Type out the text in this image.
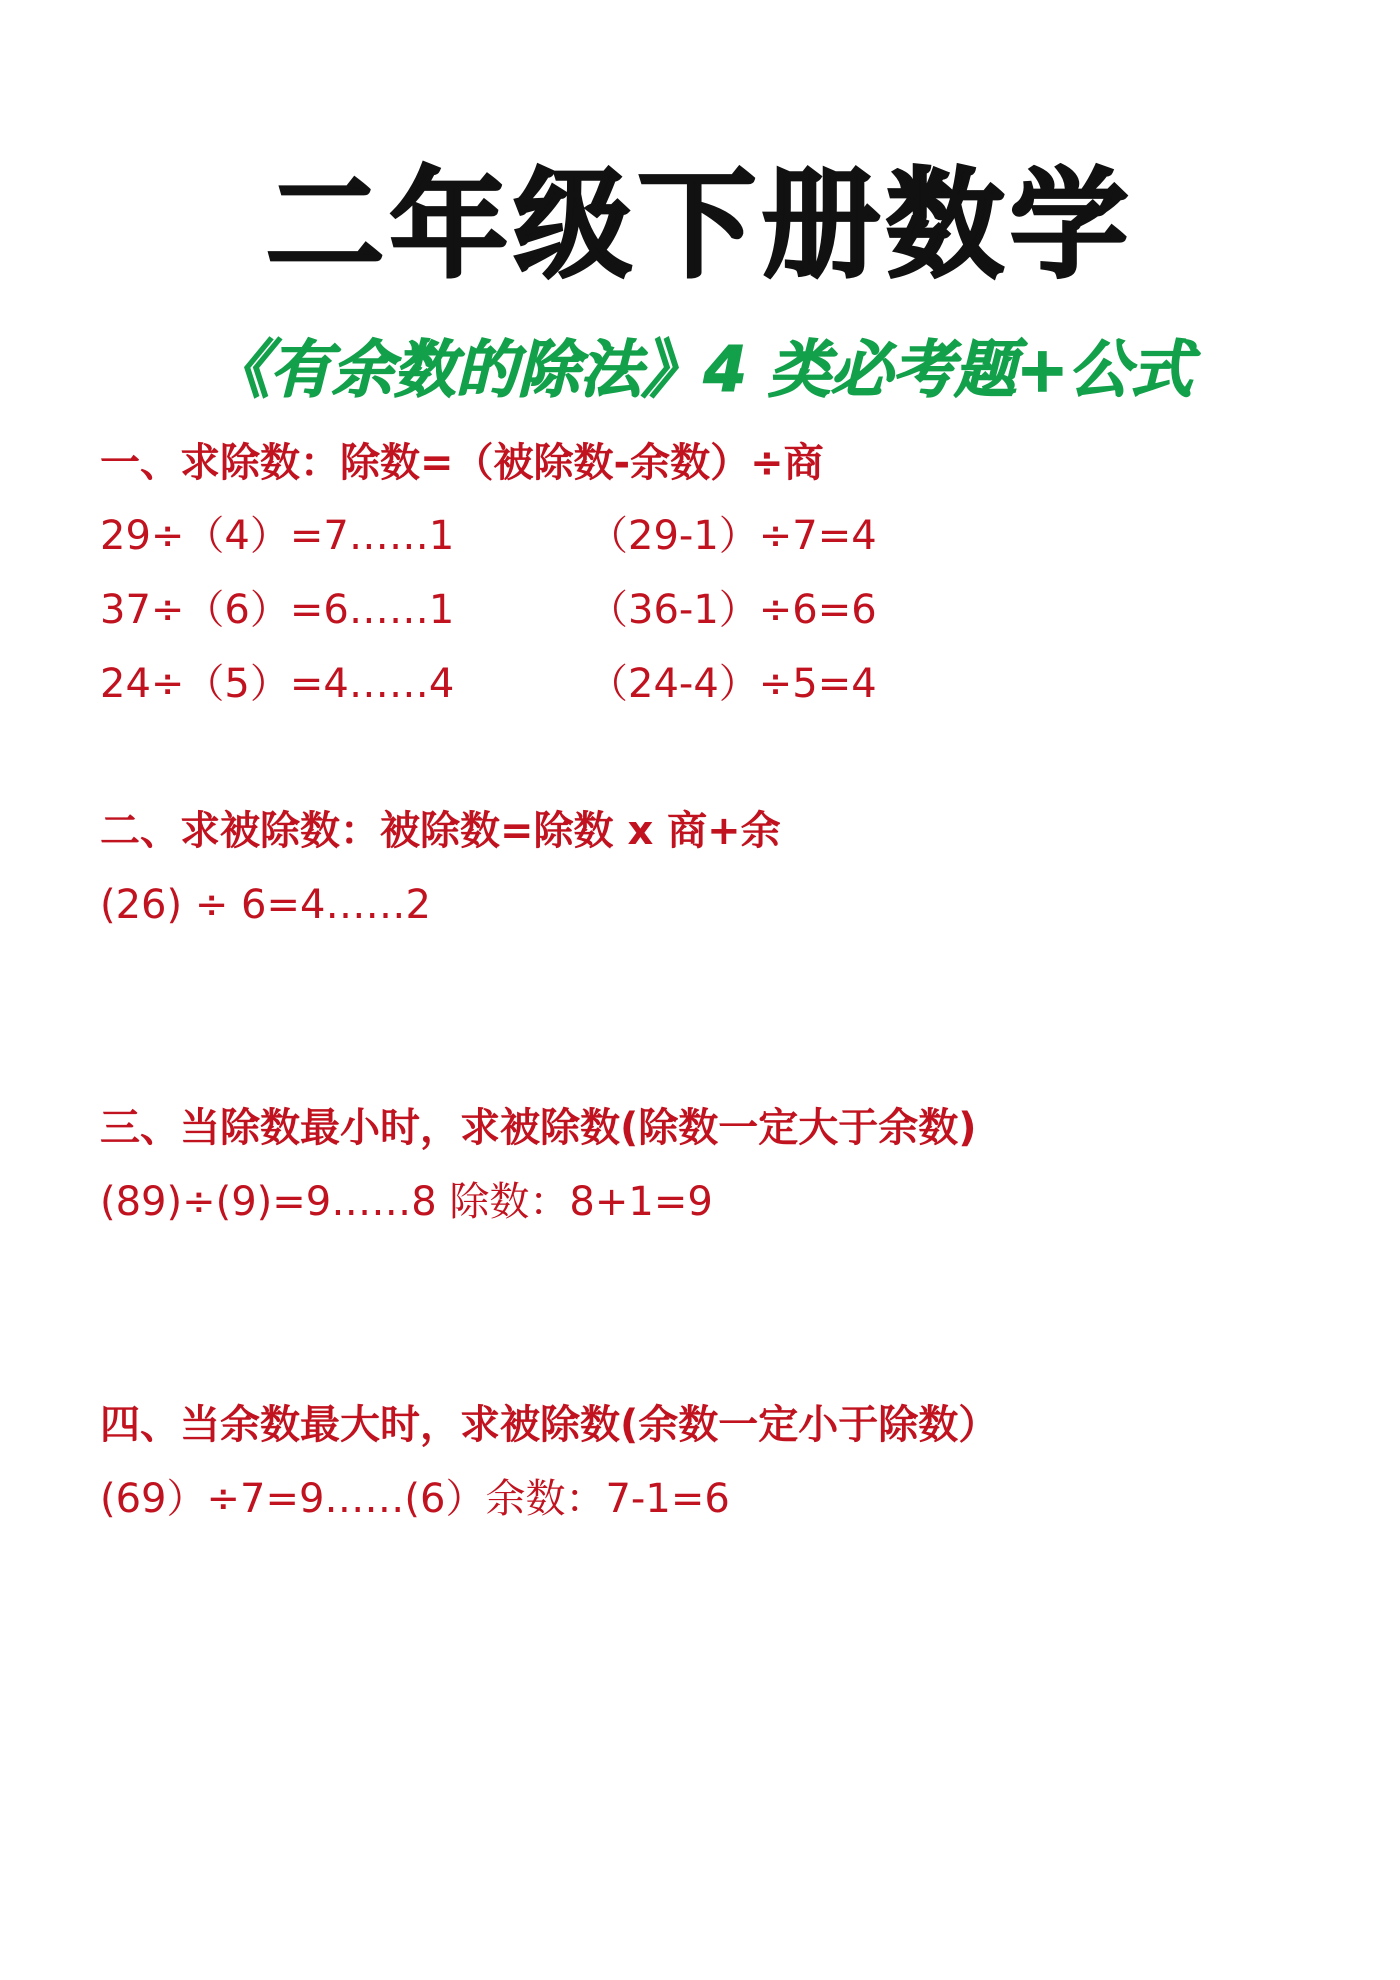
二年级下册数学
《有余数的除法》4 类必考题+公式
一、求除数：除数=（被除数-余数）÷商
29÷（4）=7……1	（29-1）÷7=4
37÷（6）=6……1	（36-1）÷6=6
24÷（5）=4……4	（24-4）÷5=4
二、求被除数：被除数=除数 x 商+余
(26) ÷ 6=4……2
三、当除数最小时，求被除数(除数一定大于余数)
(89)÷(9)=9……8 除数：8+1=9
四、当余数最大时，求被除数(余数一定小于除数）
(69）÷7=9……(6）余数：7-1=6
